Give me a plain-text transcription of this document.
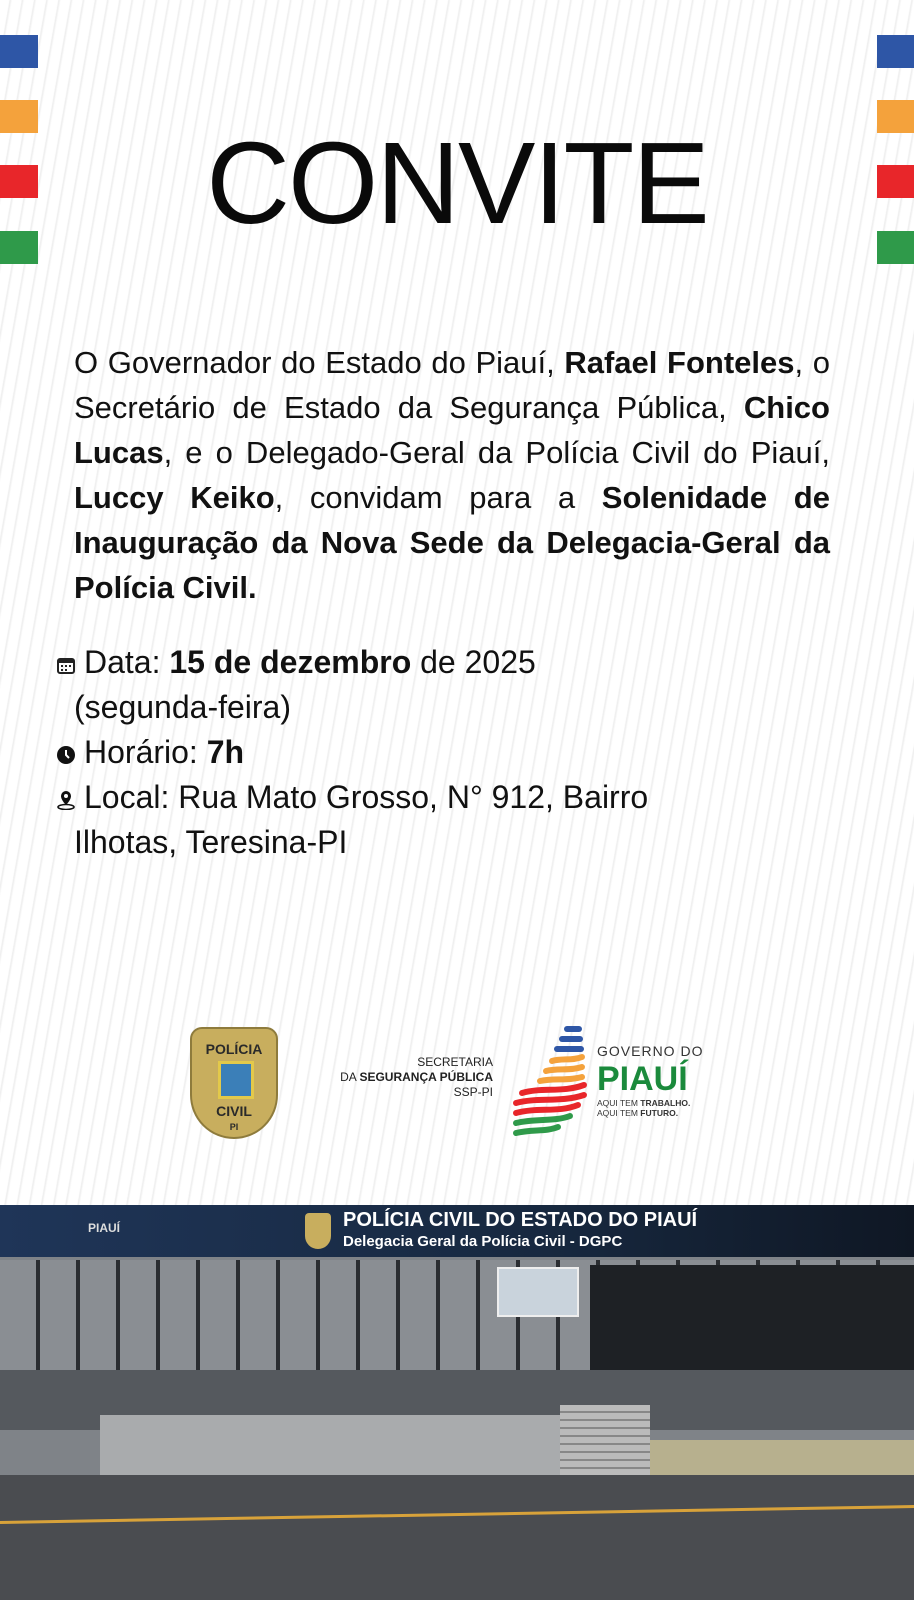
CONVITE

O Governador do Estado do Piauí, Rafael Fonteles, o Secretário de Estado da Segurança Pública, Chico Lucas, e o Delegado-Geral da Polícia Civil do Piauí, Luccy Keiko, convidam para a Solenidade de Inauguração da Nova Sede da Delegacia-Geral da Polícia Civil.

Data: 15 de dezembro de 2025
(segunda-feira)
Horário: 7h
Local: Rua Mato Grosso, N° 912, Bairro
Ilhotas, Teresina-PI
POLÍCIA
CIVIL
PI
SECRETARIA
DA SEGURANÇA PÚBLICA
SSP-PI
GOVERNO DO
PIAUÍ
AQUI TEM TRABALHO.
AQUI TEM FUTURO.
PIAUÍ	POLÍCIA CIVIL DO ESTADO DO PIAUÍ
Delegacia Geral da Polícia Civil - DGPC
